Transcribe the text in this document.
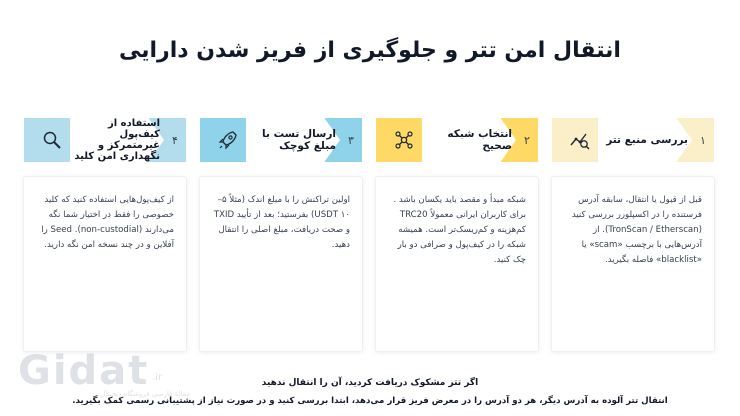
انتقال امن تتر و جلوگیری از فریز شدن دارایی
بررسی منبع تتر	۱
انتخاب شبکه صحیح	۲
ارسال تست با مبلغ کوچک	۳
استفاده از کیف‌پول غیرمتمرکز و نگهداری امن کلید
۴
قبل از قبول یا انتقال، سابقه آدرس فرستنده را در اکسپلورر بررسی کنید (TronScan / Etherscan). از آدرس‌هایی با برچسب «scam» یا «blacklist» فاصله بگیرید.
شبکه مبدأ و مقصد باید یکسان باشد . برای کاربران ایرانی معمولاً TRC20 کم‌هزینه و کم‌ریسک‌تر است. همیشه شبکه را در کیف‌پول و صرافی دو بار چک کنید.
اولین تراکنش را با مبلغ اندک (مثلاً ۵–۱۰ USDT) بفرستید؛ بعد از تأیید TXID و صحت دریافت، مبلغ اصلی را انتقال دهید.
از کیف‌پول‌هایی استفاده کنید که کلید خصوصی را فقط در اختیار شما نگه می‌دارند (non-custodial). Seed را آفلاین و در چند نسخه امن نگه دارید.
Gidat .ir
مقالۀ فارسی فروشگاه دیجیتال
اگر تتر مشکوک دریافت کردید، آن را انتقال ندهید
انتقال تتر آلوده به آدرس دیگر، هر دو آدرس را در معرض فریز قرار می‌دهد، ابتدا بررسی کنید و در صورت نیاز از پشتیبانی رسمی کمک بگیرید.
